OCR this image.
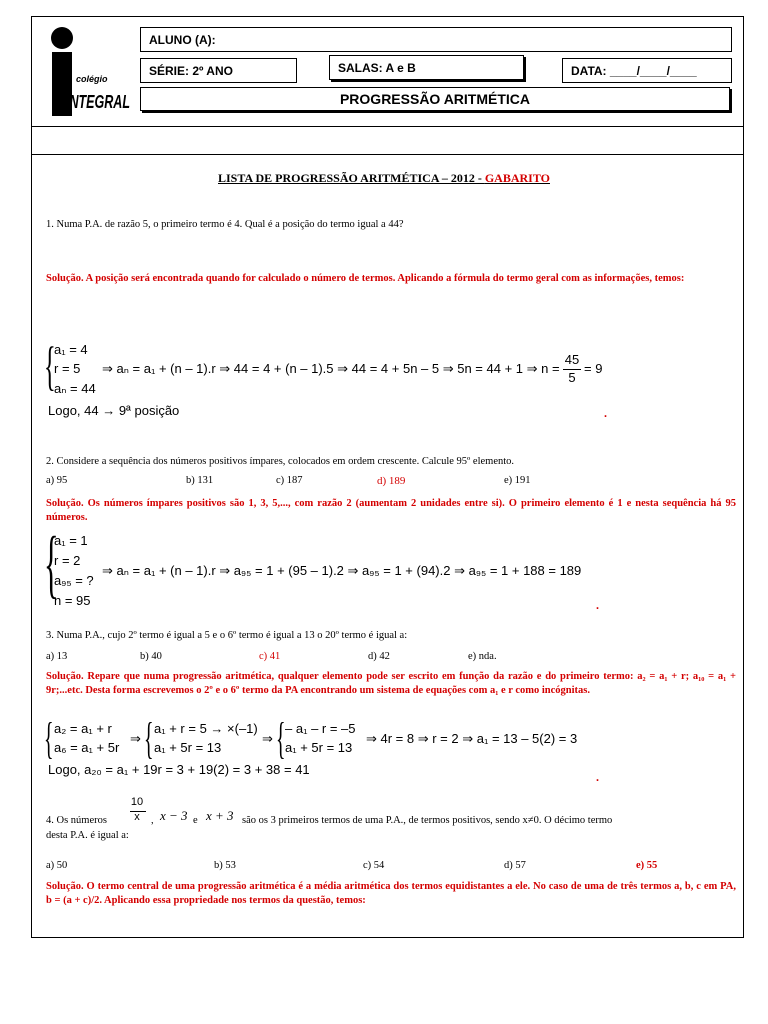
colégio
INTEGRAL
ALUNO (A):
SÉRIE: 2º ANO	SALAS: A e B	DATA: ____/____/____
PROGRESSÃO ARITMÉTICA
LISTA DE PROGRESSÃO ARITMÉTICA – 2012 - GABARITO
1. Numa P.A. de razão 5, o primeiro termo é 4. Qual é a posição do termo igual a 44?
Solução. A posição será encontrada quando for calculado o número de termos. Aplicando a fórmula do termo geral com as informações, temos:
{
a₁ = 4
r = 5
aₙ = 44
⇒ aₙ = a₁ + (n – 1).r ⇒ 44 = 4 + (n – 1).5 ⇒ 44 = 4 + 5n – 5 ⇒ 5n = 44 + 1 ⇒ n =
45
5
= 9
Logo, 44 → 9ª posição	.
2. Considere a sequência dos números positivos ímpares, colocados em ordem crescente. Calcule 95º elemento.
a) 95	b) 131	c) 187	d) 189	e) 191
Solução. Os números ímpares positivos são 1, 3, 5,..., com razão 2 (aumentam 2 unidades entre si). O primeiro elemento é 1 e nesta sequência há 95 números.
{
a₁ = 1
r = 2
a₉₅ = ?
n = 95
⇒ aₙ = a₁ + (n – 1).r ⇒ a₉₅ = 1 + (95 – 1).2 ⇒ a₉₅ = 1 + (94).2 ⇒ a₉₅ = 1 + 188 = 189
.
3. Numa P.A., cujo 2º termo é igual a 5 e o 6º termo é igual a 13 o 20º termo é igual a:
a) 13	b) 40	c) 41	d) 42	e) nda.
Solução. Repare que numa progressão aritmética, qualquer elemento pode ser escrito em função da razão e do primeiro termo: a₂ = a₁ + r; a₁₀ = a₁ + 9r;...etc. Desta forma escrevemos o 2º e o 6º termo da PA encontrando um sistema de equações com a₁ e r como incógnitas.
{ a₂ = a₁ + r
a₆ = a₁ + 5r
⇒ { a₁ + r = 5 → ×(–1)
a₁ + 5r = 13
⇒ { – a₁ – r = –5
a₁ + 5r = 13
⇒ 4r = 8 ⇒ r = 2 ⇒ a₁ = 13 – 5(2) = 3
Logo, a₂₀ = a₁ + 19r = 3 + 19(2) = 3 + 38 = 41	.
4. Os números
10
x	, x − 3 e x + 3 são os 3 primeiros termos de uma P.A., de termos positivos, sendo x≠0. O décimo termo
desta P.A. é igual a:
a) 50	b) 53	c) 54	d) 57	e) 55
Solução. O termo central de uma progressão aritmética é a média aritmética dos termos equidistantes a ele. No caso de uma de três termos a, b, c em PA, b = (a + c)/2. Aplicando essa propriedade nos termos da questão, temos:
